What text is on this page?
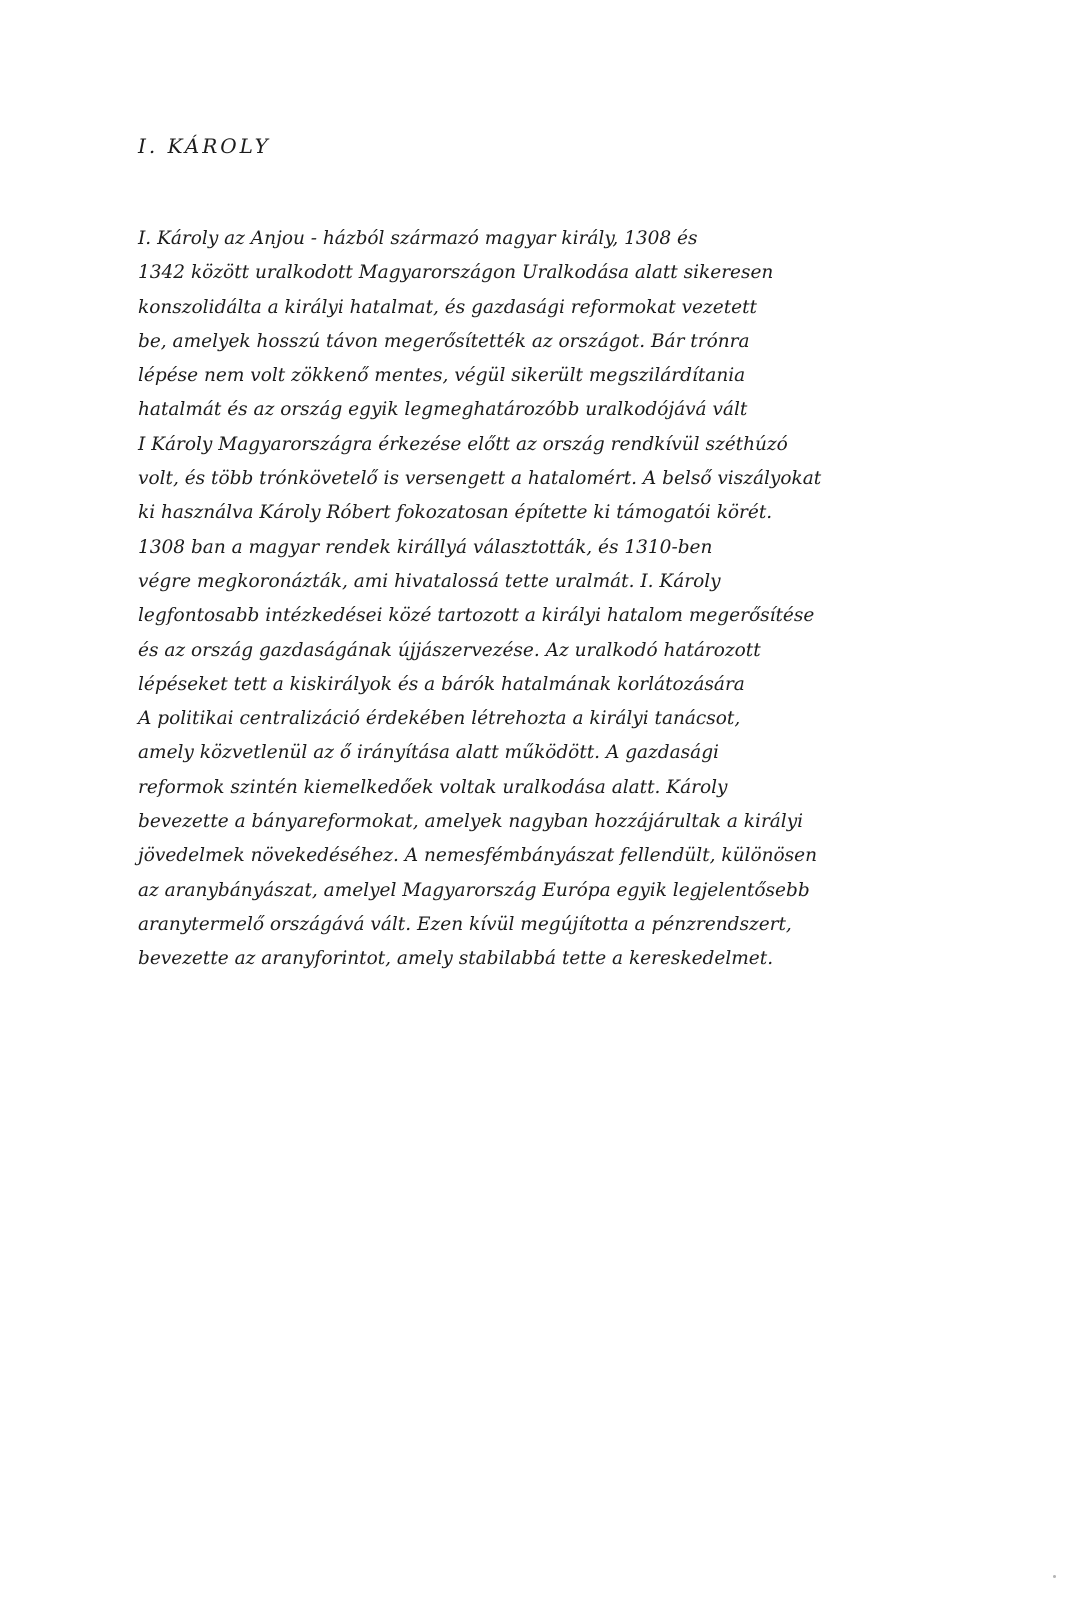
I. KÁROLY
I. Károly az Anjou - házból származó magyar király, 1308 és
1342 között uralkodott Magyarországon Uralkodása alatt sikeresen
konszolidálta a királyi hatalmat, és gazdasági reformokat vezetett
be, amelyek hosszú távon megerősítették az országot. Bár trónra
lépése nem volt zökkenő mentes, végül sikerült megszilárdítania
hatalmát és az ország egyik legmeghatározóbb uralkodójává vált
I Károly Magyarországra érkezése előtt az ország rendkívül széthúzó
volt, és több trónkövetelő is versengett a hatalomért. A belső viszályokat
ki használva Károly Róbert fokozatosan építette ki támogatói körét.
1308 ban a magyar rendek királlyá választották, és 1310-ben
végre megkoronázták, ami hivatalossá tette uralmát. I. Károly
legfontosabb intézkedései közé tartozott a királyi hatalom megerősítése
és az ország gazdaságának újjászervezése. Az uralkodó határozott
lépéseket tett a kiskirályok és a bárók hatalmának korlátozására
A politikai centralizáció érdekében létrehozta a királyi tanácsot,
amely közvetlenül az ő irányítása alatt működött. A gazdasági
reformok szintén kiemelkedőek voltak uralkodása alatt. Károly
bevezette a bányareformokat, amelyek nagyban hozzájárultak a királyi
jövedelmek növekedéséhez. A nemesfémbányászat fellendült, különösen
az aranybányászat, amelyel Magyarország Európa egyik legjelentősebb
aranytermelő országává vált. Ezen kívül megújította a pénzrendszert,
bevezette az aranyforintot, amely stabilabbá tette a kereskedelmet.
